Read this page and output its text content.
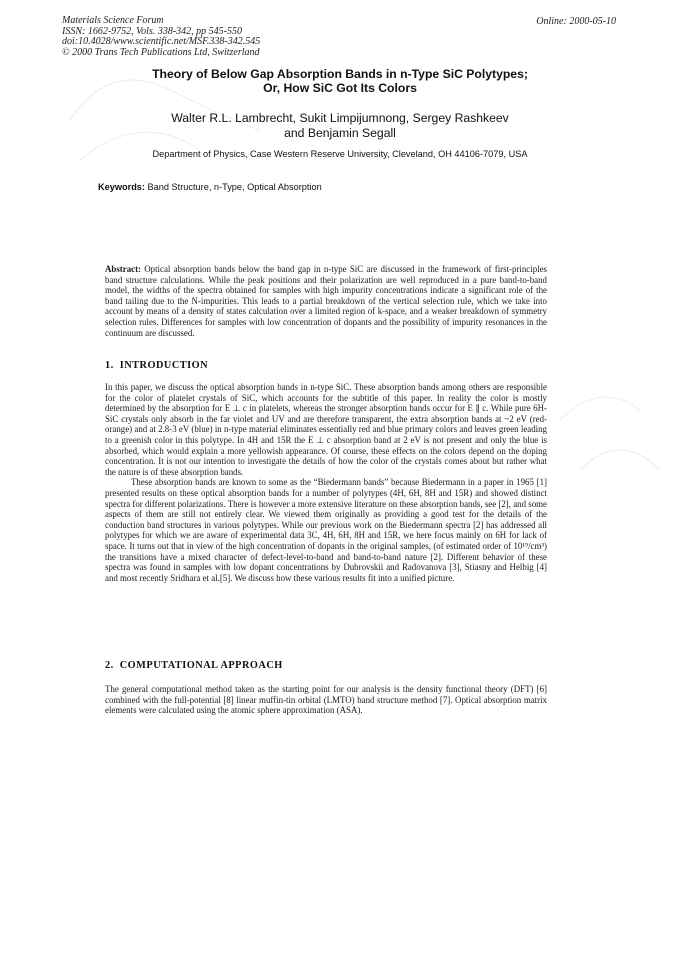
Materials Science Forum
ISSN: 1662-9752, Vols. 338-342, pp 545-550
doi:10.4028/www.scientific.net/MSF.338-342.545
© 2000 Trans Tech Publications Ltd, Switzerland
Online: 2000-05-10
Theory of Below Gap Absorption Bands in n-Type SiC Polytypes;
Or, How SiC Got Its Colors
Walter R.L. Lambrecht, Sukit Limpijumnong, Sergey Rashkeev
and Benjamin Segall
Department of Physics, Case Western Reserve University, Cleveland, OH 44106-7079, USA
Keywords: Band Structure, n-Type, Optical Absorption

Abstract: Optical absorption bands below the band gap in n-type SiC are discussed in the framework of first-principles band structure calculations. While the peak positions and their polarization are well reproduced in a pure band-to-band model, the widths of the spectra obtained for samples with high impurity concentrations indicate a significant role of the band tailing due to the N-impurities. This leads to a partial breakdown of the vertical selection rule, which we take into account by means of a density of states calculation over a limited region of k-space, and a weaker breakdown of symmetry selection rules. Differences for samples with low concentration of dopants and the possibility of impurity resonances in the continuum are discussed.

1. INTRODUCTION

In this paper, we discuss the optical absorption bands in n-type SiC. These absorption bands among others are responsible for the color of platelet crystals of SiC, which accounts for the subtitle of this paper. In reality the color is mostly determined by the absorption for E ⊥ c in platelets, whereas the stronger absorption bands occur for E ∥ c. While pure 6H-SiC crystals only absorb in the far violet and UV and are therefore transparent, the extra absorption bands at ~2 eV (red-orange) and at 2.8-3 eV (blue) in n-type material eliminates essentially red and blue primary colors and leaves green leading to a greenish color in this polytype. In 4H and 15R the E ⊥ c absorption band at 2 eV is not present and only the blue is absorbed, which would explain a more yellowish appearance. Of course, these effects on the colors depend on the doping concentration. It is not our intention to investigate the details of how the color of the crystals comes about but rather what the nature is of these absorption bands.

These absorption bands are known to some as the “Biedermann bands” because Biedermann in a paper in 1965 [1] presented results on these optical absorption bands for a number of polytypes (4H, 6H, 8H and 15R) and showed distinct spectra for different polarizations. There is however a more extensive literature on these absorption bands, see [2], and some aspects of them are still not entirely clear. We viewed them originally as providing a good test for the details of the conduction band structures in various polytypes. While our previous work on the Biedermann spectra [2] has addressed all polytypes for which we are aware of experimental data 3C, 4H, 6H, 8H and 15R, we here focus mainly on 6H for lack of space. It turns out that in view of the high concentration of dopants in the original samples, (of estimated order of 10¹⁹/cm³) the transitions have a mixed character of defect-level-to-band and band-to-band nature [2]. Different behavior of these spectra was found in samples with low dopant concentrations by Dubrovskii and Radovanova [3], Stiasny and Helbig [4] and most recently Sridhara et al.[5]. We discuss how these various results fit into a unified picture.

2. COMPUTATIONAL APPROACH

The general computational method taken as the starting point for our analysis is the density functional theory (DFT) [6] combined with the full-potential [8] linear muffin-tin orbital (LMTO) band structure method [7]. Optical absorption matrix elements were calculated using the atomic sphere approximation (ASA).
